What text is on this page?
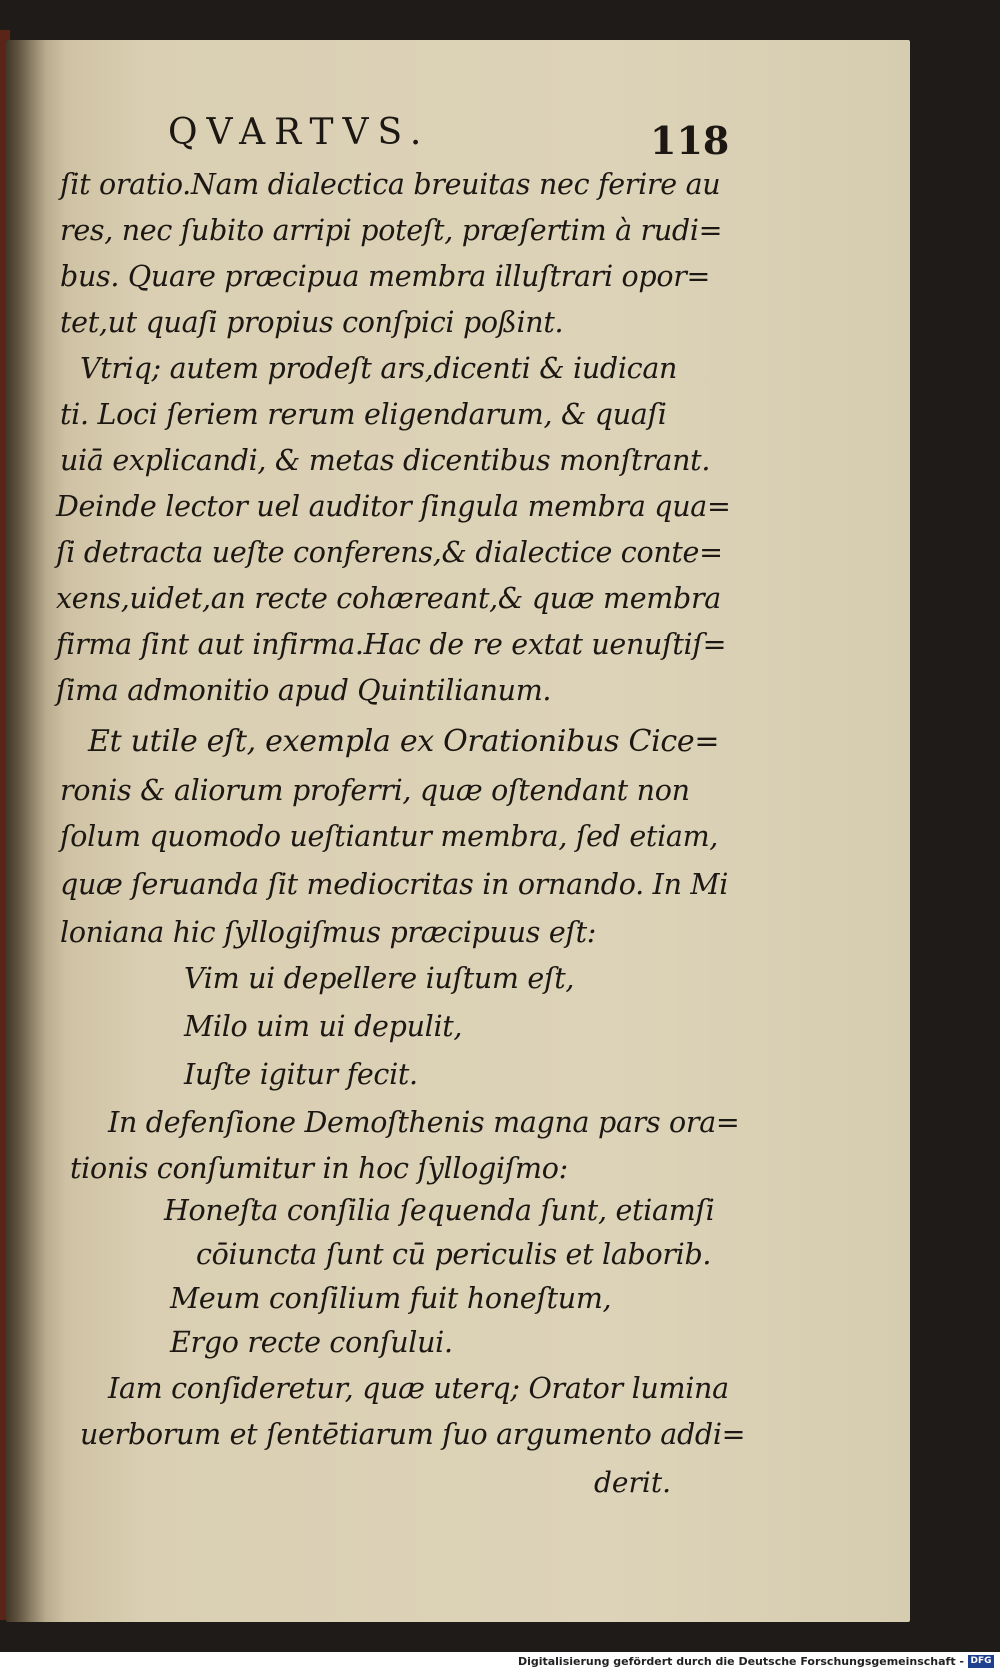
QVARTVS.	118
ſit oratio.Nam dialectica breuitas nec ferire au
res, nec ſubito arripi poteſt, præſertim à rudi=
bus. Quare præcipua membra illuſtrari opor=
tet,ut quaſi propius conſpici poßint.
Vtriq; autem prodeſt ars,dicenti & iudican
ti. Loci ſeriem rerum eligendarum, & quaſi
uiā explicandi, & metas dicentibus monſtrant.
Deinde lector uel auditor ſingula membra qua=
ſi detracta ueſte conferens,& dialectice conte=
xens,uidet,an recte cohæreant,& quæ membra
firma ſint aut infirma.Hac de re extat uenuſtiſ=
ſima admonitio apud Quintilianum.
Et utile eſt, exempla ex Orationibus Cice=
ronis & aliorum proferri, quæ oſtendant non
ſolum quomodo ueſtiantur membra, ſed etiam,
quæ ſeruanda ſit mediocritas in ornando. In Mi
loniana hic ſyllogiſmus præcipuus eſt:
Vim ui depellere iuſtum eſt,
Milo uim ui depulit,
Iuſte igitur fecit.
In defenſione Demoſthenis magna pars ora=
tionis conſumitur in hoc ſyllogiſmo:
Honeſta conſilia ſequenda ſunt, etiamſi
cōiuncta ſunt cū periculis et laborib.
Meum conſilium fuit honeſtum,
Ergo recte conſului.
Iam conſideretur, quæ uterq; Orator lumina
uerborum et ſentētiarum ſuo argumento addi=
derit.
Digitalisierung gefördert durch die Deutsche Forschungsgemeinschaft - DFG
